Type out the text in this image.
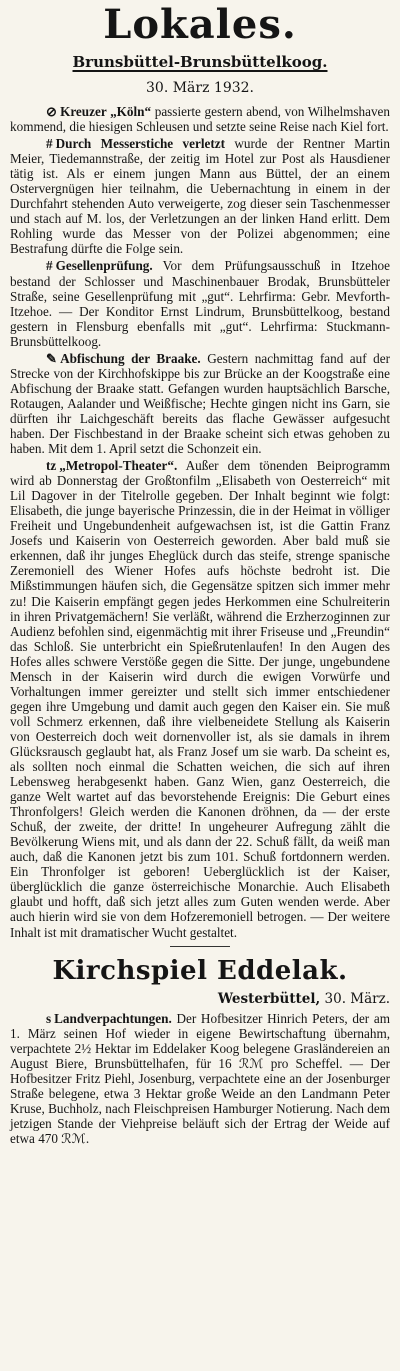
Lokales.
Brunsbüttel-Brunsbüttelkoog.
30. März 1932.

⊘ Kreuzer „Köln“ passierte gestern abend, von Wilhelmshaven kommend, die hiesigen Schleusen und setzte seine Reise nach Kiel fort.

# Durch Messerstiche verletzt wurde der Rentner Martin Meier, Tiedemannstraße, der zeitig im Hotel zur Post als Hausdiener tätig ist. Als er einem jungen Mann aus Büttel, der an einem Ostervergnügen hier teilnahm, die Uebernachtung in einem in der Durchfahrt stehenden Auto verweigerte, zog dieser sein Taschenmesser und stach auf M. los, der Verletzungen an der linken Hand erlitt. Dem Rohling wurde das Messer von der Polizei abgenommen; eine Bestrafung dürfte die Folge sein.

# Gesellenprüfung. Vor dem Prüfungsausschuß in Itzehoe bestand der Schlosser und Maschinenbauer Brodak, Brunsbütteler Straße, seine Gesellenprüfung mit „gut“. Lehrfirma: Gebr. Mevforth-Itzehoe. — Der Konditor Ernst Lindrum, Brunsbüttelkoog, bestand gestern in Flensburg ebenfalls mit „gut“. Lehrfirma: Stuckmann-Brunsbüttelkoog.

✎ Abfischung der Braake. Gestern nachmittag fand auf der Strecke von der Kirchhofskippe bis zur Brücke an der Koogstraße eine Abfischung der Braake statt. Gefangen wurden hauptsächlich Barsche, Rotaugen, Aalander und Weißfische; Hechte gingen nicht ins Garn, sie dürften ihr Laichgeschäft bereits das flache Gewässer aufgesucht haben. Der Fischbestand in der Braake scheint sich etwas gehoben zu haben. Mit dem 1. April setzt die Schonzeit ein.

tz „Metropol-Theater“. Außer dem tönenden Beiprogramm wird ab Donnerstag der Großtonfilm „Elisabeth von Oesterreich“ mit Lil Dagover in der Titelrolle gegeben. Der Inhalt beginnt wie folgt: Elisabeth, die junge bayerische Prinzessin, die in der Heimat in völliger Freiheit und Ungebundenheit aufgewachsen ist, ist die Gattin Franz Josefs und Kaiserin von Oesterreich geworden. Aber bald muß sie erkennen, daß ihr junges Eheglück durch das steife, strenge spanische Zeremoniell des Wiener Hofes aufs höchste bedroht ist. Die Mißstimmungen häufen sich, die Gegensätze spitzen sich immer mehr zu! Die Kaiserin empfängt gegen jedes Herkommen eine Schulreiterin in ihren Privatgemächern! Sie verläßt, während die Erzherzoginnen zur Audienz befohlen sind, eigenmächtig mit ihrer Friseuse und „Freundin“ das Schloß. Sie unterbricht ein Spießrutenlaufen! In den Augen des Hofes alles schwere Verstöße gegen die Sitte. Der junge, ungebundene Mensch in der Kaiserin wird durch die ewigen Vorwürfe und Vorhaltungen immer gereizter und stellt sich immer entschiedener gegen ihre Umgebung und damit auch gegen den Kaiser ein. Sie muß voll Schmerz erkennen, daß ihre vielbeneidete Stellung als Kaiserin von Oesterreich doch weit dornenvoller ist, als sie damals in ihrem Glücksrausch geglaubt hat, als Franz Josef um sie warb. Da scheint es, als sollten noch einmal die Schatten weichen, die sich auf ihren Lebensweg herabgesenkt haben. Ganz Wien, ganz Oesterreich, die ganze Welt wartet auf das bevorstehende Ereignis: Die Geburt eines Thronfolgers! Gleich werden die Kanonen dröhnen, da — der erste Schuß, der zweite, der dritte! In ungeheurer Aufregung zählt die Bevölkerung Wiens mit, und als dann der 22. Schuß fällt, da weiß man auch, daß die Kanonen jetzt bis zum 101. Schuß fortdonnern werden. Ein Thronfolger ist geboren! Ueberglücklich ist der Kaiser, überglücklich die ganze österreichische Monarchie. Auch Elisabeth glaubt und hofft, daß sich jetzt alles zum Guten wenden werde. Aber auch hierin wird sie von dem Hofzeremoniell betrogen. — Der weitere Inhalt ist mit dramatischer Wucht gestaltet.

Kirchspiel Eddelak.
Westerbüttel, 30. März.

s Landverpachtungen. Der Hofbesitzer Hinrich Peters, der am 1. März seinen Hof wieder in eigene Bewirtschaftung übernahm, verpachtete 2½ Hektar im Eddelaker Koog belegene Grasländereien an August Biere, Brunsbüttelhafen, für 16 ℛℳ pro Scheffel. — Der Hofbesitzer Fritz Piehl, Josenburg, verpachtete eine an der Josenburger Straße belegene, etwa 3 Hektar große Weide an den Landmann Peter Kruse, Buchholz, nach Fleischpreisen Hamburger Notierung. Nach dem jetzigen Stande der Viehpreise beläuft sich der Ertrag der Weide auf etwa 470 ℛℳ.
